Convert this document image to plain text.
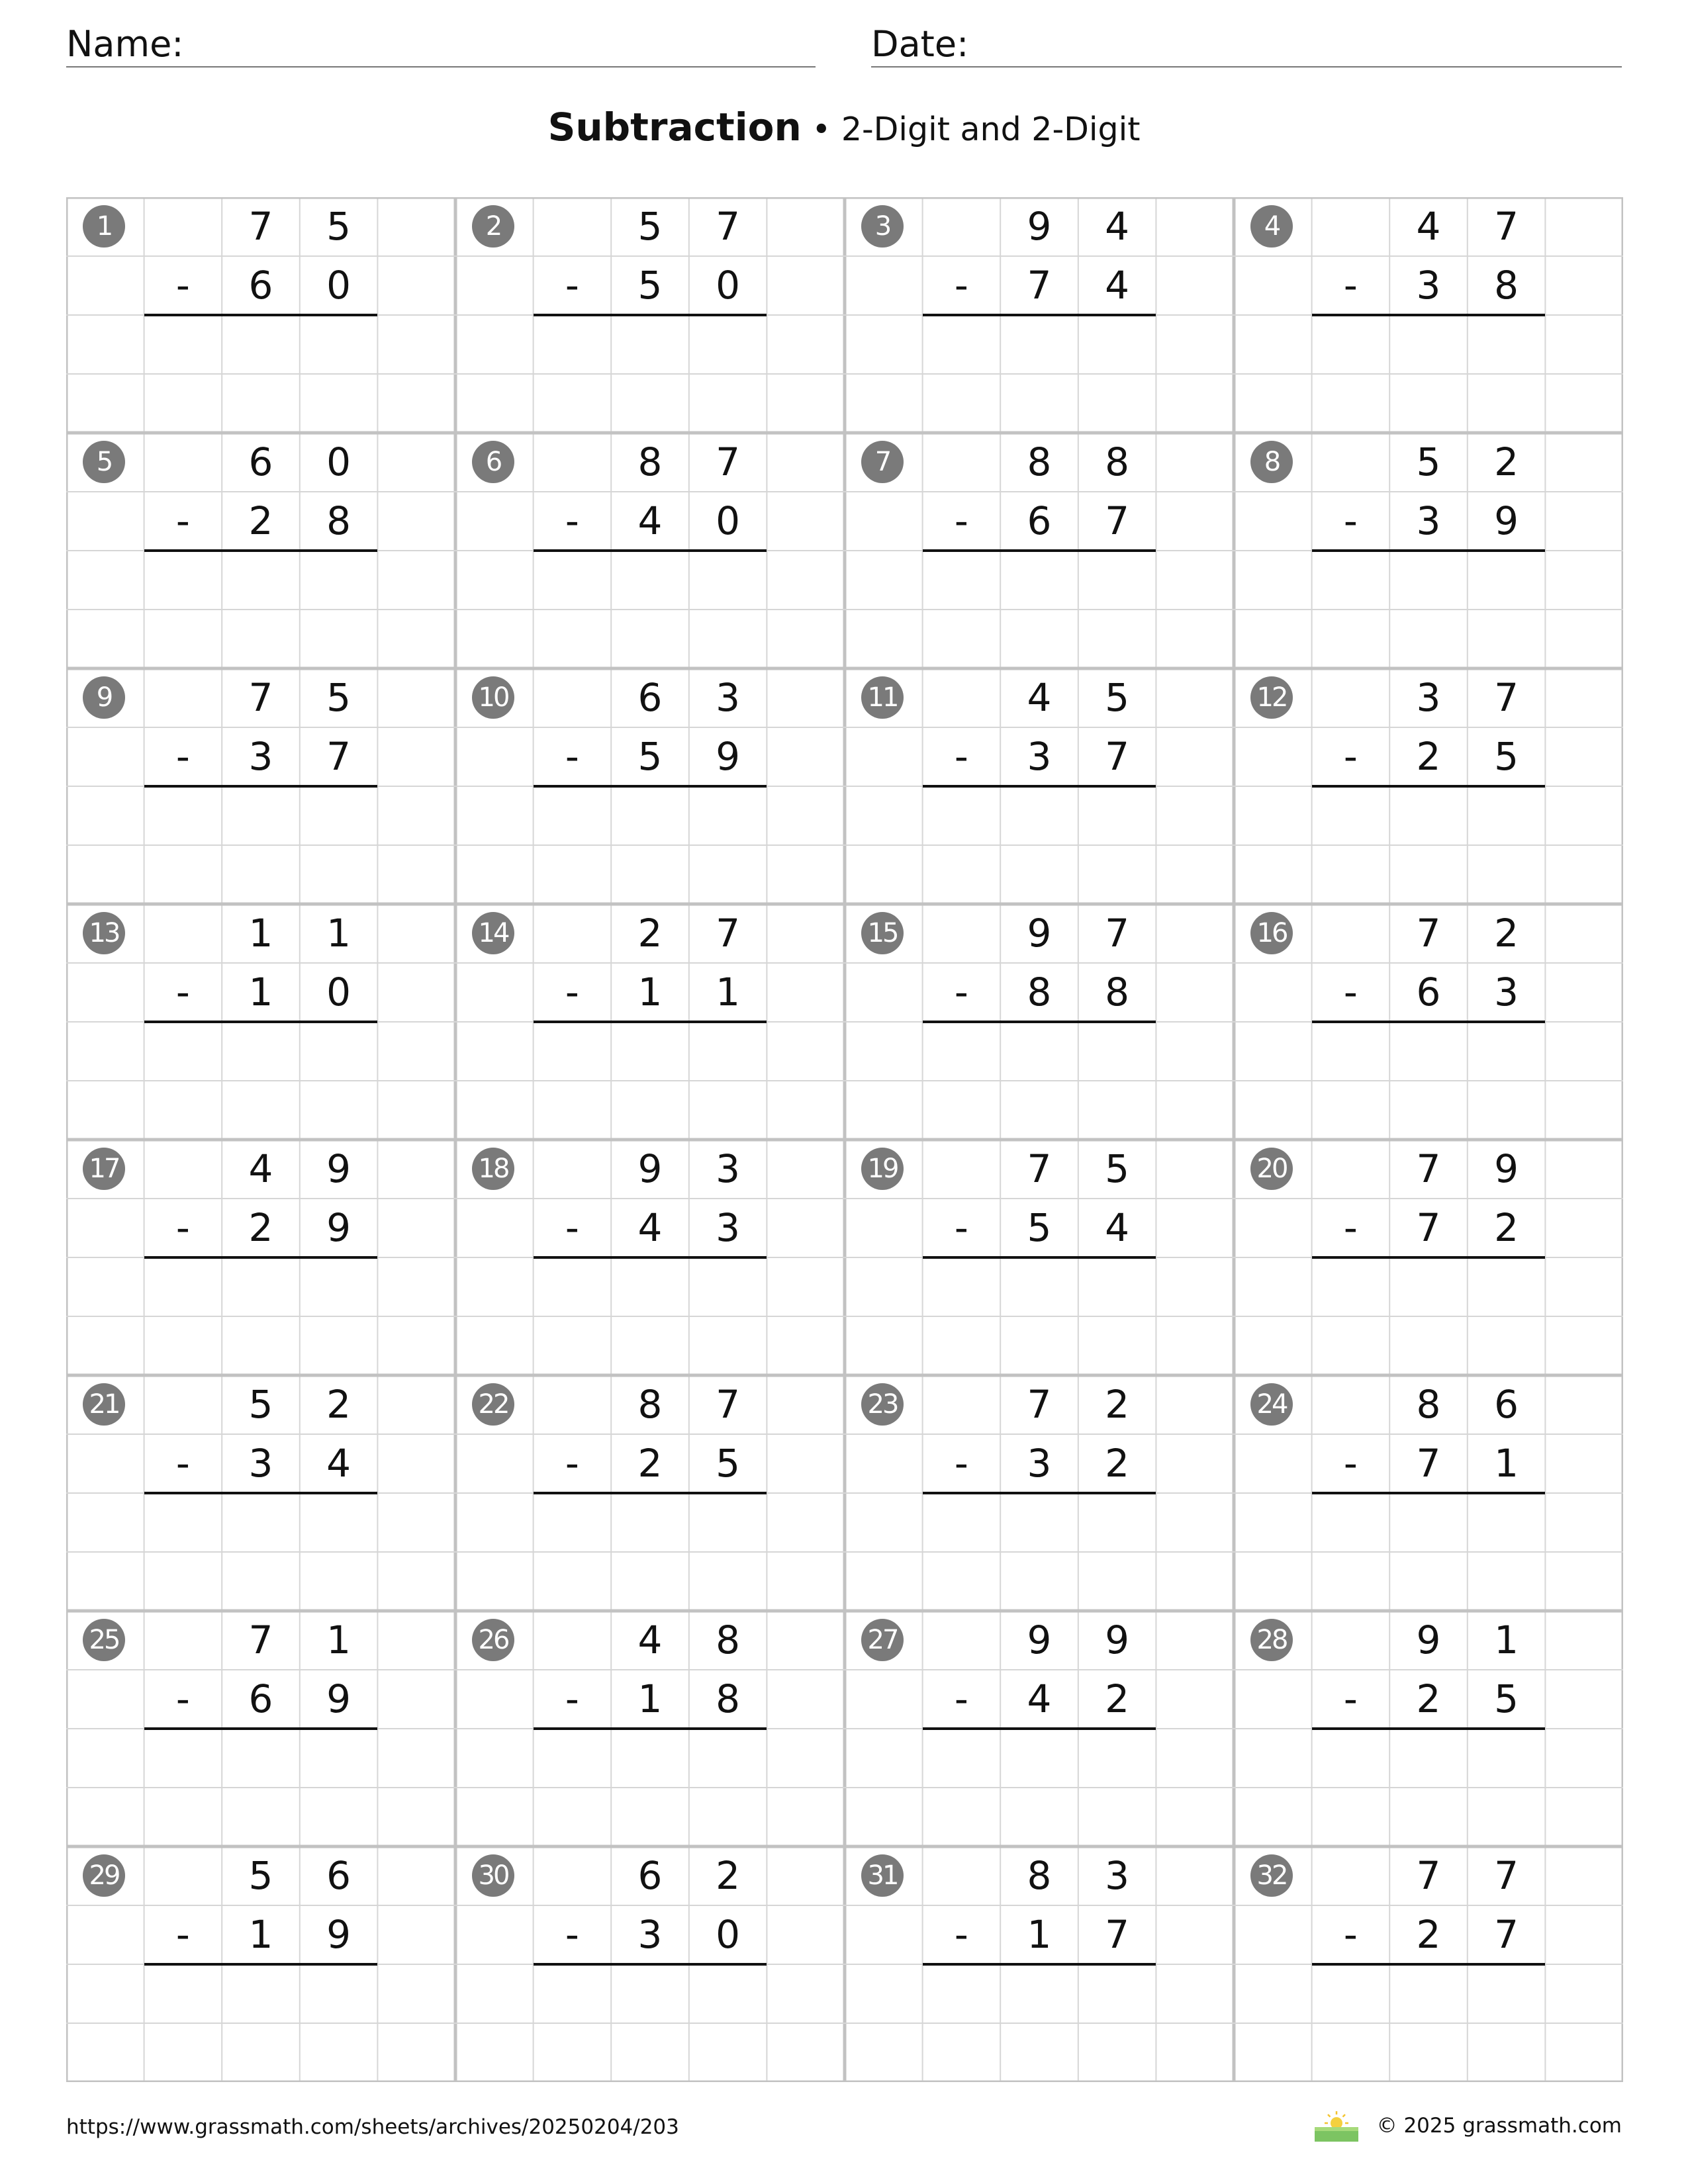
Name:	Date:
Subtraction • 2-Digit and 2-Digit
1	7	5
-	6	0
2	5	7
-	5	0
3	9	4
-	7	4
4	4	7
-	3	8
5	6	0
-	2	8
6	8	7
-	4	0
7	8	8
-	6	7
8	5	2
-	3	9
9	7	5
-	3	7
10	6	3
-	5	9
11	4	5
-	3	7
12	3	7
-	2	5
13	1	1
-	1	0
14	2	7
-	1	1
15	9	7
-	8	8
16	7	2
-	6	3
17	4	9
-	2	9
18	9	3
-	4	3
19	7	5
-	5	4
20	7	9
-	7	2
21	5	2
-	3	4
22	8	7
-	2	5
23	7	2
-	3	2
24	8	6
-	7	1
25	7	1
-	6	9
26	4	8
-	1	8
27	9	9
-	4	2
28	9	1
-	2	5
29	5	6
-	1	9
30	6	2
-	3	0
31	8	3
-	1	7
32	7	7
-	2	7
https://www.grassmath.com/sheets/archives/20250204/203	© 2025 grassmath.com
